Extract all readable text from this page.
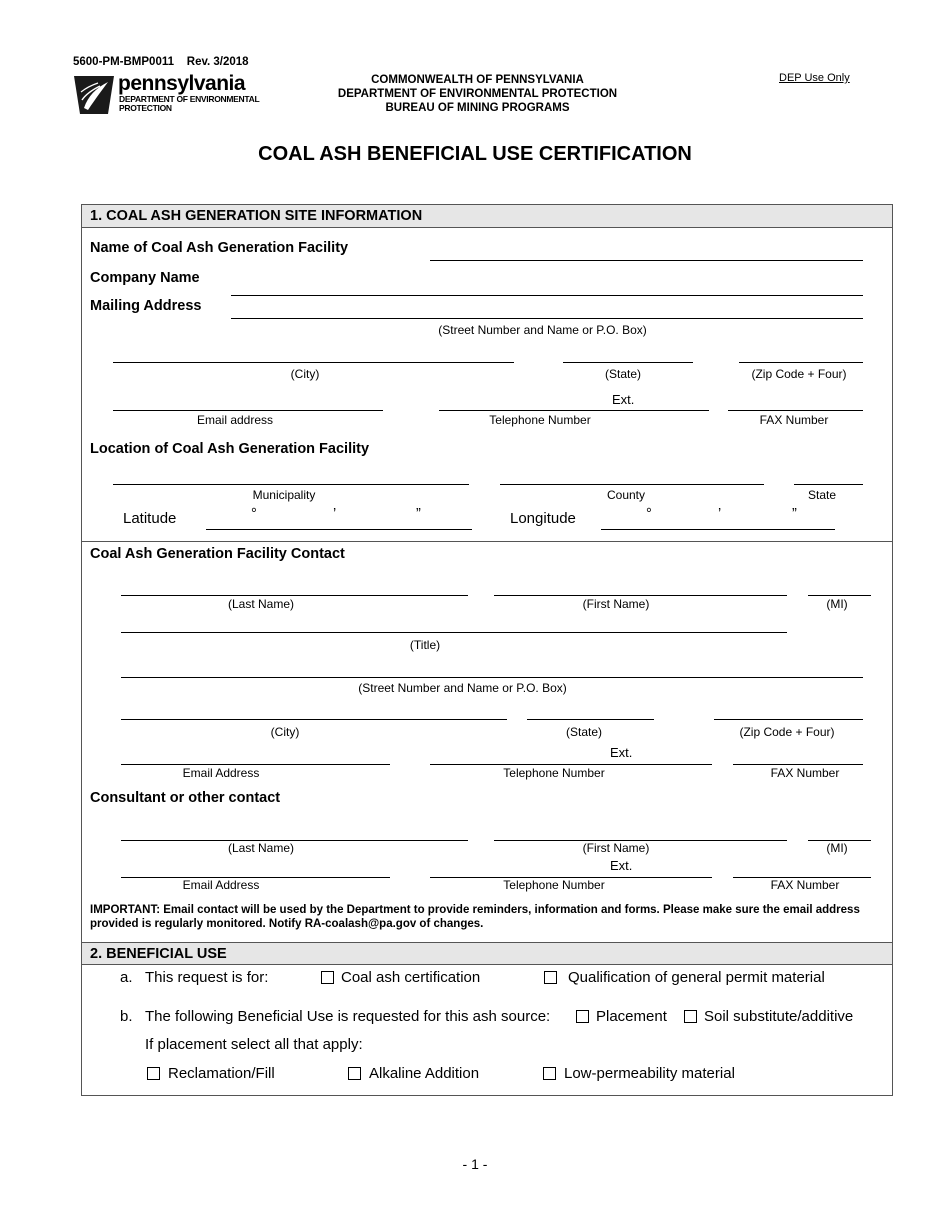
5600-PM-BMP0011    Rev. 3/2018
pennsylvania
DEPARTMENT OF ENVIRONMENTAL
PROTECTION
COMMONWEALTH OF PENNSYLVANIA
DEPARTMENT OF ENVIRONMENTAL PROTECTION
BUREAU OF MINING PROGRAMS
DEP Use Only
COAL ASH BENEFICIAL USE CERTIFICATION
1. COAL ASH GENERATION SITE INFORMATION
Name of Coal Ash Generation Facility
Company Name
Mailing Address
(Street Number and Name or P.O. Box)
(City)	(State)	(Zip Code + Four)
Ext.
Email address	Telephone Number	FAX Number
Location of Coal Ash Generation Facility
Municipality	County	State
Latitude	°	’	”	Longitude	°	’	”
Coal Ash Generation Facility Contact
(Last Name)	(First Name)	(MI)
(Title)
(Street Number and Name or P.O. Box)
(City)	(State)	(Zip Code + Four)
Ext.
Email Address	Telephone Number	FAX Number
Consultant or other contact
(Last Name)	(First Name)	(MI)
Ext.
Email Address	Telephone Number	FAX Number
IMPORTANT: Email contact will be used by the Department to provide reminders, information and forms. Please make sure the email address provided is regularly monitored. Notify RA-coalash@pa.gov of changes.
2. BENEFICIAL USE
a. This request is for:	Coal ash certification	Qualification of general permit material
b. The following Beneficial Use is requested for this ash source:	Placement Soil substitute/additive
If placement select all that apply:
Reclamation/Fill	Alkaline Addition	Low-permeability material
- 1 -
